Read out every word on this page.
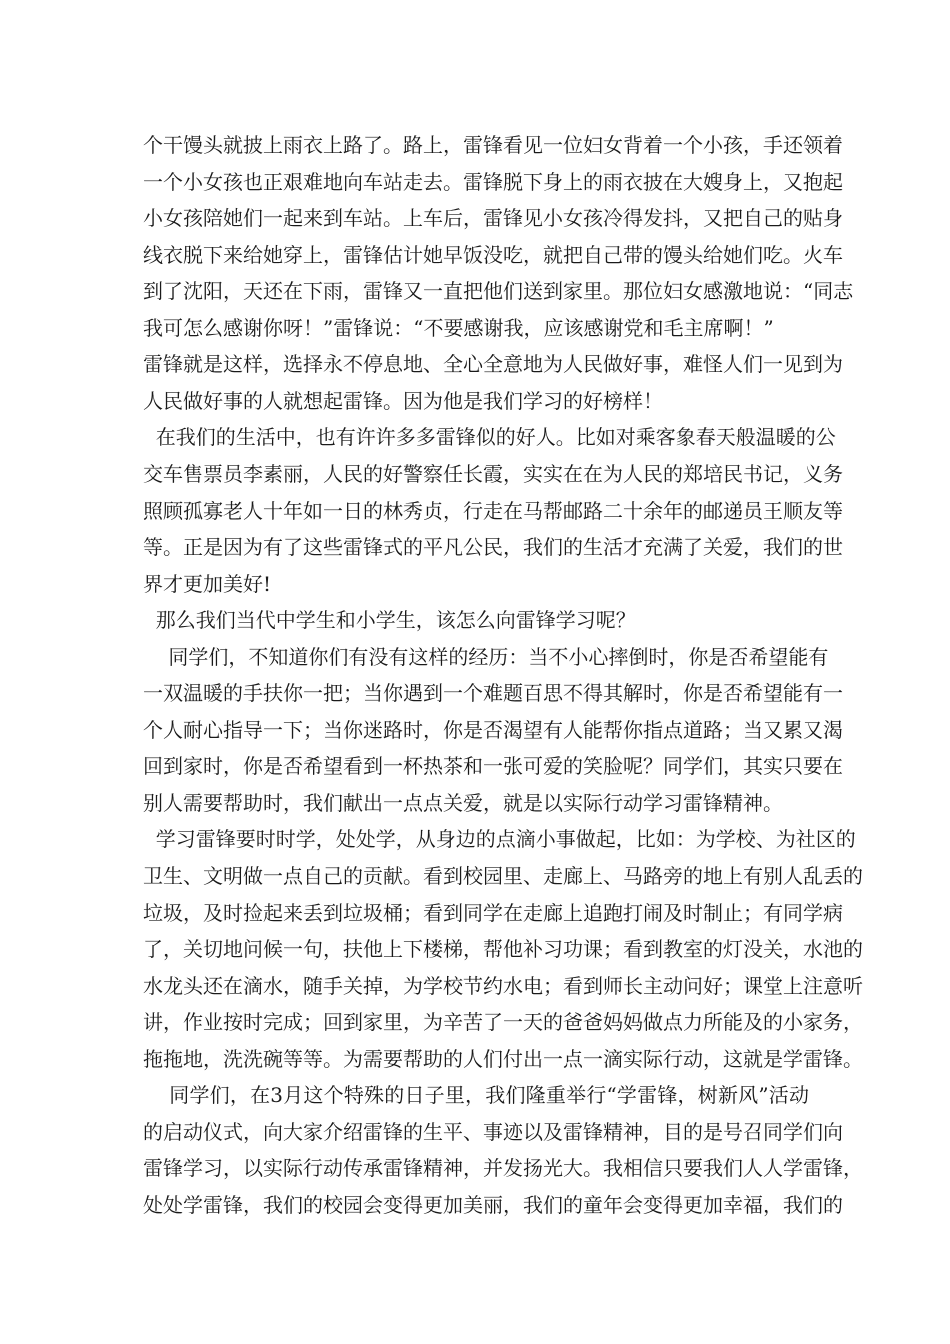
个干馒头就披上雨衣上路了。路上，雷锋看见一位妇女背着一个小孩，手还领着
一个小女孩也正艰难地向车站走去。雷锋脱下身上的雨衣披在大嫂身上，又抱起
小女孩陪她们一起来到车站。上车后，雷锋见小女孩冷得发抖，又把自己的贴身
线衣脱下来给她穿上，雷锋估计她早饭没吃，就把自己带的馒头给她们吃。火车
到了沈阳，天还在下雨，雷锋又一直把他们送到家里。那位妇女感激地说：“同志
我可怎么感谢你呀！”雷锋说：“不要感谢我，应该感谢党和毛主席啊！”
雷锋就是这样，选择永不停息地、全心全意地为人民做好事，难怪人们一见到为
人民做好事的人就想起雷锋。因为他是我们学习的好榜样！
在我们的生活中，也有许许多多雷锋似的好人。比如对乘客象春天般温暖的公
交车售票员李素丽，人民的好警察任长霞，实实在在为人民的郑培民书记，义务
照顾孤寡老人十年如一日的林秀贞，行走在马帮邮路二十余年的邮递员王顺友等
等。正是因为有了这些雷锋式的平凡公民，我们的生活才充满了关爱，我们的世
界才更加美好!
那么我们当代中学生和小学生，该怎么向雷锋学习呢？
同学们，不知道你们有没有这样的经历：当不小心摔倒时，你是否希望能有
一双温暖的手扶你一把；当你遇到一个难题百思不得其解时，你是否希望能有一
个人耐心指导一下；当你迷路时，你是否渴望有人能帮你指点道路；当又累又渴
回到家时，你是否希望看到一杯热茶和一张可爱的笑脸呢？同学们，其实只要在
别人需要帮助时，我们献出一点点关爱，就是以实际行动学习雷锋精神。
学习雷锋要时时学，处处学，从身边的点滴小事做起，比如：为学校、为社区的
卫生、文明做一点自己的贡献。看到校园里、走廊上、马路旁的地上有别人乱丢的
垃圾，及时捡起来丢到垃圾桶；看到同学在走廊上追跑打闹及时制止；有同学病
了，关切地问候一句，扶他上下楼梯，帮他补习功课；看到教室的灯没关，水池的
水龙头还在滴水，随手关掉，为学校节约水电；看到师长主动问好；课堂上注意听
讲，作业按时完成；回到家里，为辛苦了一天的爸爸妈妈做点力所能及的小家务，
拖拖地，洗洗碗等等。为需要帮助的人们付出一点一滴实际行动，这就是学雷锋。
同学们，在3月这个特殊的日子里，我们隆重举行“学雷锋，树新风”活动
的启动仪式，向大家介绍雷锋的生平、事迹以及雷锋精神，目的是号召同学们向
雷锋学习，以实际行动传承雷锋精神，并发扬光大。我相信只要我们人人学雷锋，
处处学雷锋，我们的校园会变得更加美丽，我们的童年会变得更加幸福，我们的
